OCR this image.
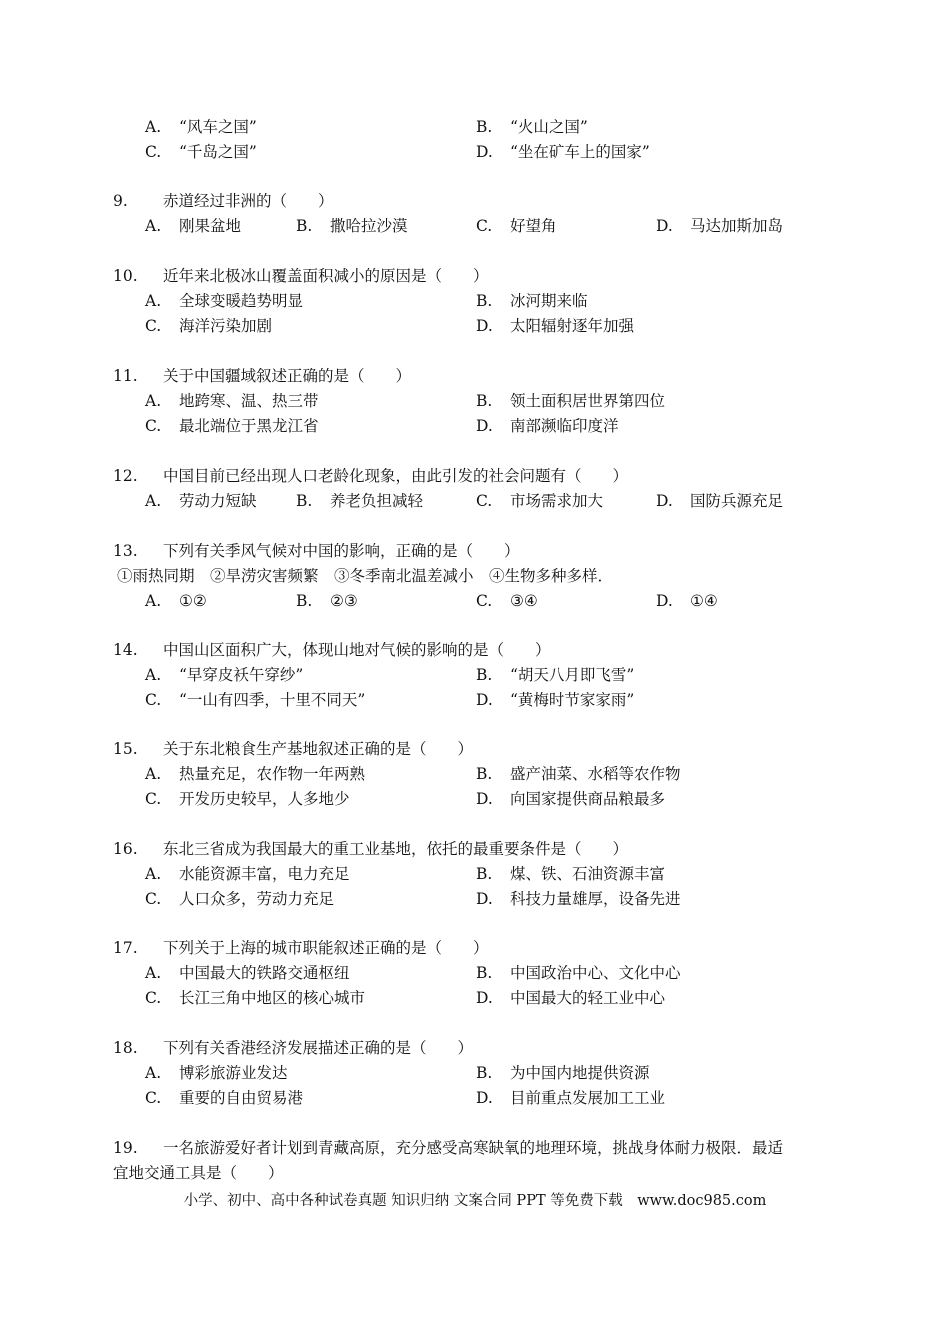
A. “风车之国”	B. “火山之国”
C. “千岛之国”	D. “坐在矿车上的国家”
9. 赤道经过非洲的（　　）
A. 刚果盆地	B. 撒哈拉沙漠	C. 好望角	D. 马达加斯加岛
10. 近年来北极冰山覆盖面积减小的原因是（　　）
A. 全球变暖趋势明显	B. 冰河期来临
C. 海洋污染加剧	D. 太阳辐射逐年加强
11. 关于中国疆域叙述正确的是（　　）
A. 地跨寒、温、热三带	B. 领土面积居世界第四位
C. 最北端位于黑龙江省	D. 南部濒临印度洋
12. 中国目前已经出现人口老龄化现象，由此引发的社会问题有（　　）
A. 劳动力短缺	B. 养老负担减轻	C. 市场需求加大	D. 国防兵源充足
13. 下列有关季风气候对中国的影响，正确的是（　　）
①雨热同期　②旱涝灾害频繁　③冬季南北温差减小　④生物多种多样．
A. ①②	B. ②③	C. ③④	D. ①④
14. 中国山区面积广大，体现山地对气候的影响的是（　　）
A. “早穿皮袄午穿纱”	B. “胡天八月即飞雪”
C. “一山有四季，十里不同天”	D. “黄梅时节家家雨”
15. 关于东北粮食生产基地叙述正确的是（　　）
A. 热量充足，农作物一年两熟	B. 盛产油菜、水稻等农作物
C. 开发历史较早，人多地少	D. 向国家提供商品粮最多
16. 东北三省成为我国最大的重工业基地，依托的最重要条件是（　　）
A. 水能资源丰富，电力充足	B. 煤、铁、石油资源丰富
C. 人口众多，劳动力充足	D. 科技力量雄厚，设备先进
17. 下列关于上海的城市职能叙述正确的是（　　）
A. 中国最大的铁路交通枢纽	B. 中国政治中心、文化中心
C. 长江三角中地区的核心城市	D. 中国最大的轻工业中心
18. 下列有关香港经济发展描述正确的是（　　）
A. 博彩旅游业发达	B. 为中国内地提供资源
C. 重要的自由贸易港	D. 目前重点发展加工工业
19. 一名旅游爱好者计划到青藏高原，充分感受高寒缺氧的地理环境，挑战身体耐力极限．最适
宜地交通工具是（　　）
小学、初中、高中各种试卷真题 知识归纳 文案合同 PPT 等免费下载　www.doc985.com
